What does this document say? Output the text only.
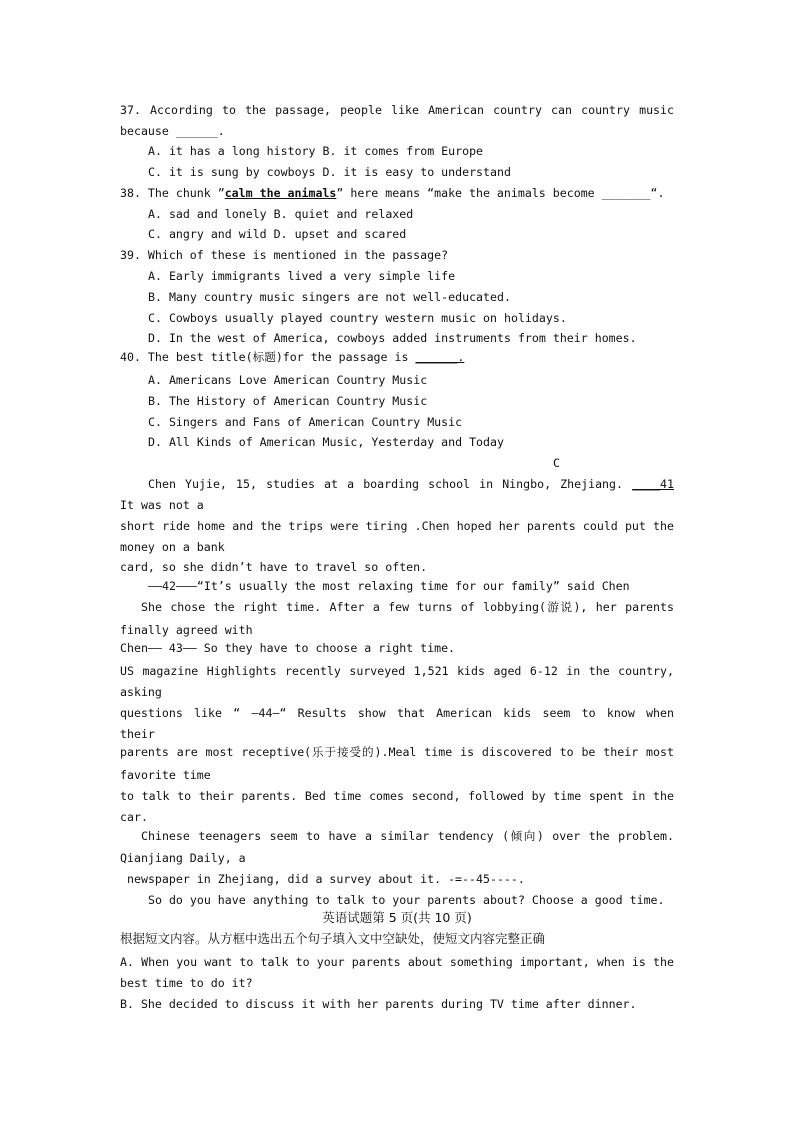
37. According to the passage, people like American country can country music
because ______.
A. it has a long history B. it comes from Europe
C. it is sung by cowboys D. it is easy to understand
38. The chunk ˮcalm the animalsˮ here means “make the animals become _______“.
A. sad and lonely B. quiet and relaxed
C. angry and wild D. upset and scared
39. Which of these is mentioned in the passage?
A. Early immigrants lived a very simple life
B. Many country music singers are not well-educated.
C. Cowboys usually played country western music on holidays.
D. In the west of America, cowboys added instruments from their homes.
40. The best title(标题)for the passage is ______.
A. Americans Love American Country Music
B. The History of American Country Music
C. Singers and Fans of American Country Music
D. All Kinds of American Music, Yesterday and Today
C
Chen Yujie, 15, studies at a boarding school in Ningbo, Zhejiang. ____41
It was not a
short ride home and the trips were tiring .Chen hoped her parents could put the
money on a bank
card, so she didn’t have to travel so often.
——42———“It’s usually the most relaxing time for our familyˮ said Chen
She chose the right time. After a few turns of lobbying(游说), her parents
finally agreed with
Chen—— 43—— So they have to choose a right time.
US magazine Highlights recently surveyed 1,521 kids aged 6-12 in the country,
asking
questions like “ –44—“ Results show that American kids seem to know when
their
parents are most receptive(乐于接受的).Meal time is discovered to be their most
favorite time
to talk to their parents. Bed time comes second, followed by time spent in the
car.
Chinese teenagers seem to have a similar tendency (倾向) over the problem.
Qianjiang Daily, a
newspaper in Zhejiang, did a survey about it. -=--45----.
So do you have anything to talk to your parents about? Choose a good time.
英语试题第 5 页(共 10 页)
根据短文内容。从方框中选出五个句子填入文中空缺处，使短文内容完整正确
A. When you want to talk to your parents about something important, when is the
best time to do it?
B. She decided to discuss it with her parents during TV time after dinner.
